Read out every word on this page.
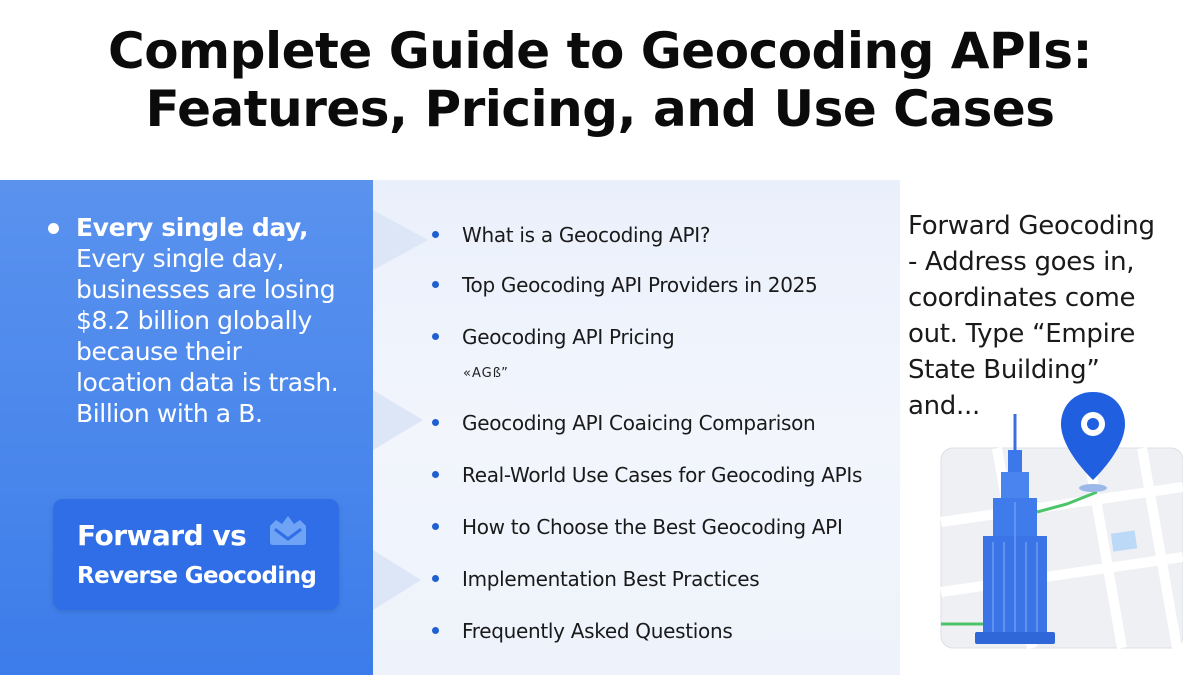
Complete Guide to Geocoding APIs:
Features, Pricing, and Use Cases
Every single day,
Every single day,
businesses are losing
$8.2 billion globally
because their
location data is trash.
Billion with a B.
Forward vs
Reverse Geocoding
What is a Geocoding API?
Top Geocoding API Providers in 2025
Geocoding API Pricing
Geocoding API Coaicing Comparison
Real-World Use Cases for Geocoding APIs
How to Choose the Best Geocoding API
Implementation Best Practices
Frequently Asked Questions
«AGß”
Forward Geocoding
- Address goes in,
coordinates come
out. Type “Empire
State Building”
and...
